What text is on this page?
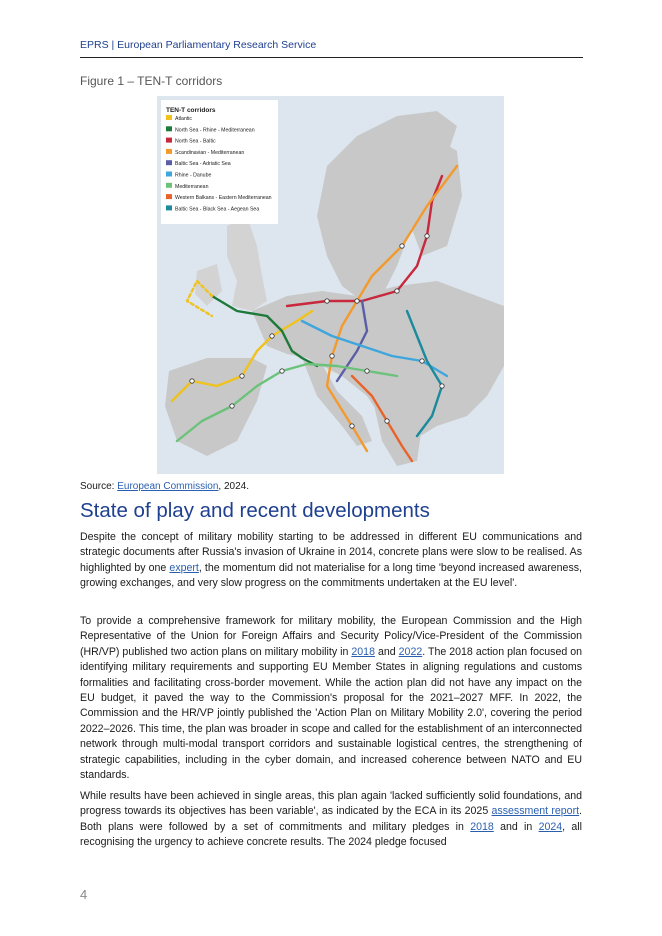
EPRS | European Parliamentary Research Service
Figure 1 – TEN-T corridors
TEN-T corridors
Atlantic
North Sea - Rhine - Mediterranean
North Sea - Baltic
Scandinavian - Mediterranean
Baltic Sea - Adriatic Sea
Rhine - Danube
Mediterranean
Western Balkans - Eastern Mediterranean
Baltic Sea - Black Sea - Aegean Sea
Source: European Commission, 2024.
State of play and recent developments

Despite the concept of military mobility starting to be addressed in different EU communications and strategic documents after Russia's invasion of Ukraine in 2014, concrete plans were slow to be realised. As highlighted by one expert, the momentum did not materialise for a long time 'beyond increased awareness, growing exchanges, and very slow progress on the commitments undertaken at the EU level'.

To provide a comprehensive framework for military mobility, the European Commission and the High Representative of the Union for Foreign Affairs and Security Policy/Vice-President of the Commission (HR/VP) published two action plans on military mobility in 2018 and 2022. The 2018 action plan focused on identifying military requirements and supporting EU Member States in aligning regulations and customs formalities and facilitating cross-border movement. While the action plan did not have any impact on the EU budget, it paved the way to the Commission's proposal for the 2021–2027 MFF. In 2022, the Commission and the HR/VP jointly published the 'Action Plan on Military Mobility 2.0', covering the period 2022–2026. This time, the plan was broader in scope and called for the establishment of an interconnected network through multi-modal transport corridors and sustainable logistical centres, the strengthening of strategic capabilities, including in the cyber domain, and increased coherence between NATO and EU standards.

While results have been achieved in single areas, this plan again 'lacked sufficiently solid foundations, and progress towards its objectives has been variable', as indicated by the ECA in its 2025 assessment report. Both plans were followed by a set of commitments and military pledges in 2018 and in 2024, all recognising the urgency to achieve concrete results. The 2024 pledge focused

4
